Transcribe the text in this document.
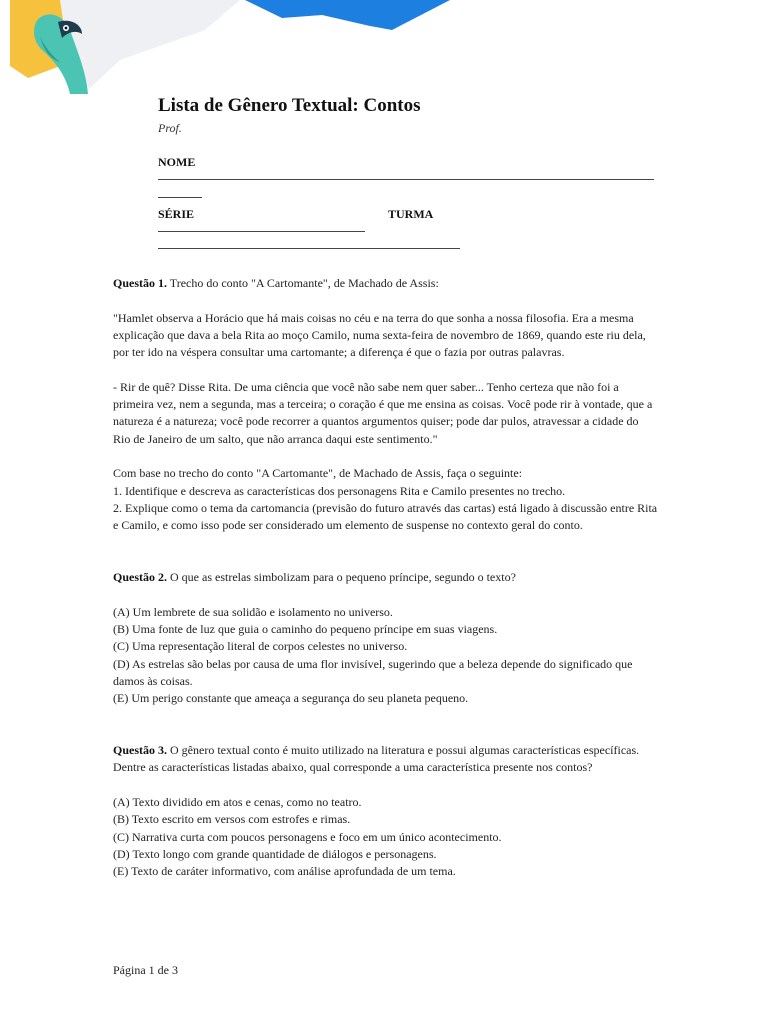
Lista de Gênero Textual: Contos
Prof.
NOME
SÉRIE	TURMA

Questão 1. Trecho do conto "A Cartomante", de Machado de Assis:

"Hamlet observa a Horácio que há mais coisas no céu e na terra do que sonha a nossa filosofia. Era a mesma explicação que dava a bela Rita ao moço Camilo, numa sexta-feira de novembro de 1869, quando este riu dela, por ter ido na véspera consultar uma cartomante; a diferença é que o fazia por outras palavras.

- Rir de quê? Disse Rita. De uma ciência que você não sabe nem quer saber... Tenho certeza que não foi a primeira vez, nem a segunda, mas a terceira; o coração é que me ensina as coisas. Você pode rir à vontade, que a natureza é a natureza; você pode recorrer a quantos argumentos quiser; pode dar pulos, atravessar a cidade do Rio de Janeiro de um salto, que não arranca daqui este sentimento."

Com base no trecho do conto "A Cartomante", de Machado de Assis, faça o seguinte:
1. Identifique e descreva as características dos personagens Rita e Camilo presentes no trecho.
2. Explique como o tema da cartomancia (previsão do futuro através das cartas) está ligado à discussão entre Rita e Camilo, e como isso pode ser considerado um elemento de suspense no contexto geral do conto.

Questão 2. O que as estrelas simbolizam para o pequeno príncipe, segundo o texto?

(A) Um lembrete de sua solidão e isolamento no universo.
(B) Uma fonte de luz que guia o caminho do pequeno príncipe em suas viagens.
(C) Uma representação literal de corpos celestes no universo.
(D) As estrelas são belas por causa de uma flor invisível, sugerindo que a beleza depende do significado que damos às coisas.
(E) Um perigo constante que ameaça a segurança do seu planeta pequeno.

Questão 3. O gênero textual conto é muito utilizado na literatura e possui algumas características específicas. Dentre as características listadas abaixo, qual corresponde a uma característica presente nos contos?

(A) Texto dividido em atos e cenas, como no teatro.
(B) Texto escrito em versos com estrofes e rimas.
(C) Narrativa curta com poucos personagens e foco em um único acontecimento.
(D) Texto longo com grande quantidade de diálogos e personagens.
(E) Texto de caráter informativo, com análise aprofundada de um tema.

Página 1 de 3
